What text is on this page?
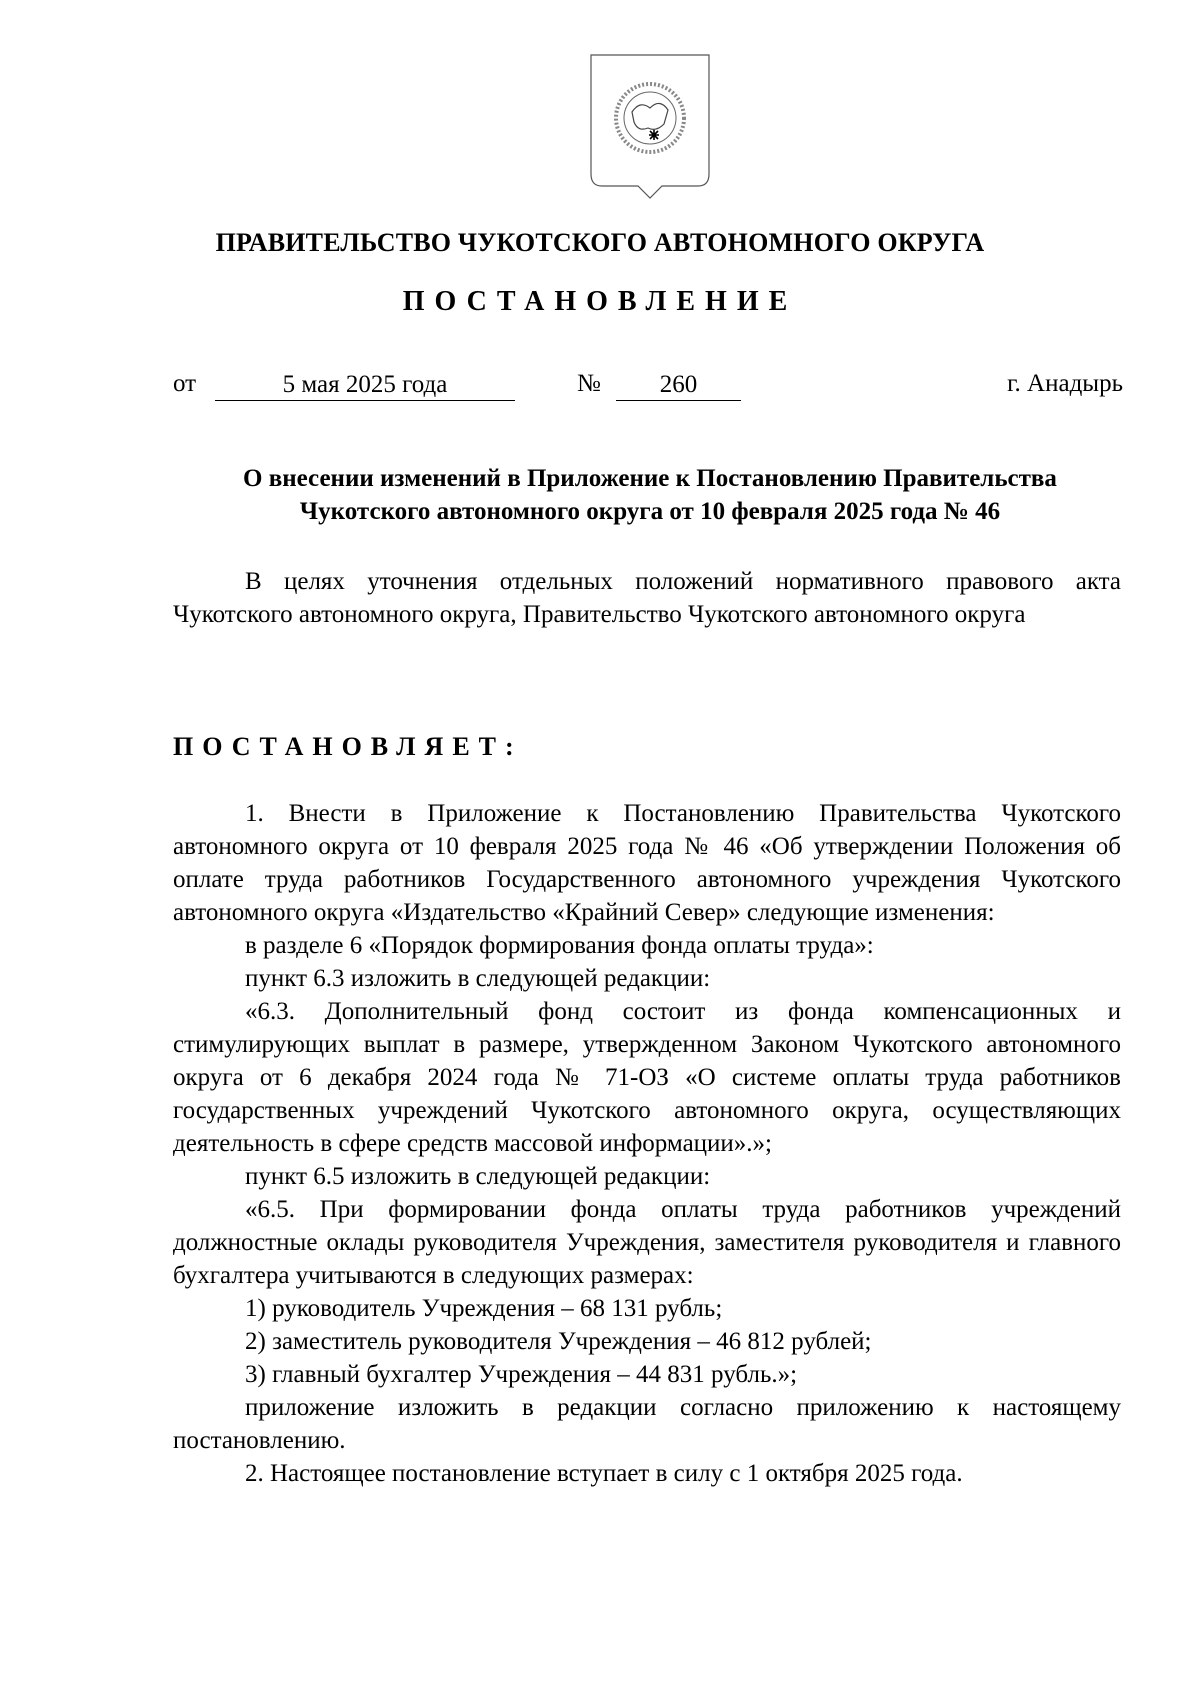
ПРАВИТЕЛЬСТВО ЧУКОТСКОГО АВТОНОМНОГО ОКРУГА
ПОСТАНОВЛЕНИЕ
от	5 мая 2025 года	№	260	г. Анадырь
О внесении изменений в Приложение к Постановлению Правительства
Чукотского автономного округа от 10 февраля 2025 года № 46

В целях уточнения отдельных положений нормативного правового акта Чукотского автономного округа, Правительство Чукотского автономного округа

ПОСТАНОВЛЯЕТ:

1. Внести в Приложение к Постановлению Правительства Чукотского автономного округа от 10 февраля 2025 года № 46 «Об утверждении Положения об оплате труда работников Государственного автономного учреждения Чукотского автономного округа «Издательство «Крайний Север» следующие изменения:

в разделе 6 «Порядок формирования фонда оплаты труда»:

пункт 6.3 изложить в следующей редакции:

«6.3. Дополнительный фонд состоит из фонда компенсационных и стимулирующих выплат в размере, утвержденном Законом Чукотского автономного округа от 6 декабря 2024 года № 71-ОЗ «О системе оплаты труда работников государственных учреждений Чукотского автономного округа, осуществляющих деятельность в сфере средств массовой информации».»;

пункт 6.5 изложить в следующей редакции:

«6.5. При формировании фонда оплаты труда работников учреждений должностные оклады руководителя Учреждения, заместителя руководителя и главного бухгалтера учитываются в следующих размерах:

1) руководитель Учреждения – 68 131 рубль;

2) заместитель руководителя Учреждения – 46 812 рублей;

3) главный бухгалтер Учреждения – 44 831 рубль.»;

приложение изложить в редакции согласно приложению к настоящему постановлению.

2. Настоящее постановление вступает в силу с 1 октября 2025 года.
